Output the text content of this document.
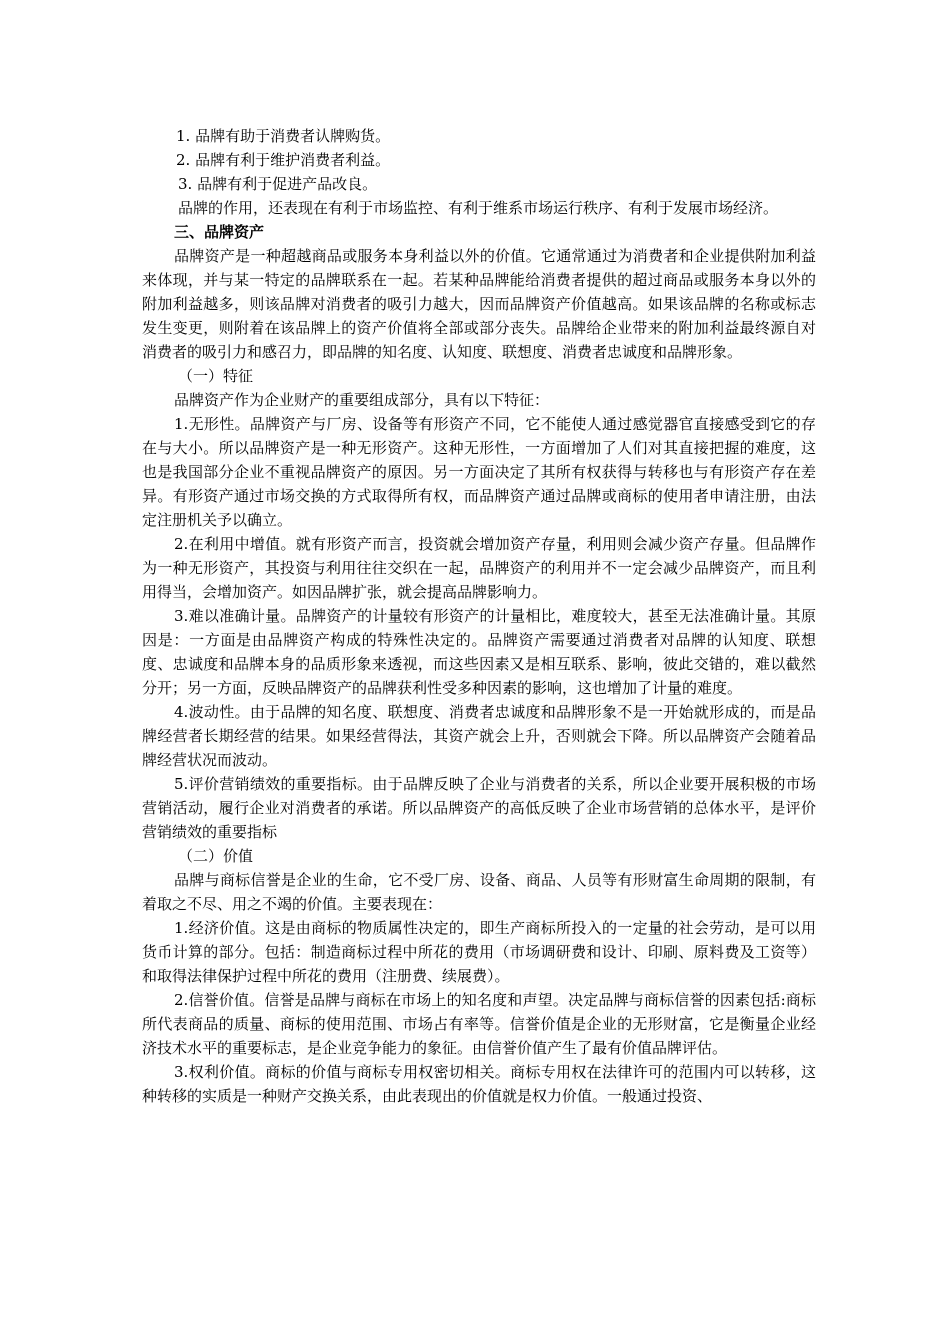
1. 品牌有助于消费者认牌购货。

2. 品牌有利于维护消费者利益。

3. 品牌有利于促进产品改良。

品牌的作用，还表现在有利于市场监控、有利于维系市场运行秩序、有利于发展市场经济。

三、品牌资产

品牌资产是一种超越商品或服务本身利益以外的价值。它通常通过为消费者和企业提供附加利益来体现，并与某一特定的品牌联系在一起。若某种品牌能给消费者提供的超过商品或服务本身以外的附加利益越多，则该品牌对消费者的吸引力越大，因而品牌资产价值越高。如果该品牌的名称或标志发生变更，则附着在该品牌上的资产价值将全部或部分丧失。品牌给企业带来的附加利益最终源自对消费者的吸引力和感召力，即品牌的知名度、认知度、联想度、消费者忠诚度和品牌形象。

（一）特征

品牌资产作为企业财产的重要组成部分，具有以下特征：

1.无形性。品牌资产与厂房、设备等有形资产不同，它不能使人通过感觉器官直接感受到它的存在与大小。所以品牌资产是一种无形资产。这种无形性，一方面增加了人们对其直接把握的难度，这也是我国部分企业不重视品牌资产的原因。另一方面决定了其所有权获得与转移也与有形资产存在差异。有形资产通过市场交换的方式取得所有权，而品牌资产通过品牌或商标的使用者申请注册，由法定注册机关予以确立。

2.在利用中增值。就有形资产而言，投资就会增加资产存量，利用则会减少资产存量。但品牌作为一种无形资产，其投资与利用往往交织在一起，品牌资产的利用并不一定会减少品牌资产，而且利用得当，会增加资产。如因品牌扩张，就会提高品牌影响力。

3.难以准确计量。品牌资产的计量较有形资产的计量相比，难度较大，甚至无法准确计量。其原因是：一方面是由品牌资产构成的特殊性决定的。品牌资产需要通过消费者对品牌的认知度、联想度、忠诚度和品牌本身的品质形象来透视，而这些因素又是相互联系、影响，彼此交错的，难以截然分开；另一方面，反映品牌资产的品牌获利性受多种因素的影响，这也增加了计量的难度。

4.波动性。由于品牌的知名度、联想度、消费者忠诚度和品牌形象不是一开始就形成的，而是品牌经营者长期经营的结果。如果经营得法，其资产就会上升，否则就会下降。所以品牌资产会随着品牌经营状况而波动。

5.评价营销绩效的重要指标。由于品牌反映了企业与消费者的关系，所以企业要开展积极的市场营销活动，履行企业对消费者的承诺。所以品牌资产的高低反映了企业市场营销的总体水平，是评价营销绩效的重要指标

（二）价值

品牌与商标信誉是企业的生命，它不受厂房、设备、商品、人员等有形财富生命周期的限制，有着取之不尽、用之不竭的价值。主要表现在：

1.经济价值。这是由商标的物质属性决定的，即生产商标所投入的一定量的社会劳动，是可以用货币计算的部分。包括：制造商标过程中所花的费用（市场调研费和设计、印刷、原料费及工资等）和取得法律保护过程中所花的费用（注册费、续展费）。

2.信誉价值。信誉是品牌与商标在市场上的知名度和声望。决定品牌与商标信誉的因素包括:商标所代表商品的质量、商标的使用范围、市场占有率等。信誉价值是企业的无形财富，它是衡量企业经济技术水平的重要标志，是企业竞争能力的象征。由信誉价值产生了最有价值品牌评估。

3.权利价值。商标的价值与商标专用权密切相关。商标专用权在法律许可的范围内可以转移，这种转移的实质是一种财产交换关系，由此表现出的价值就是权力价值。一般通过投资、
